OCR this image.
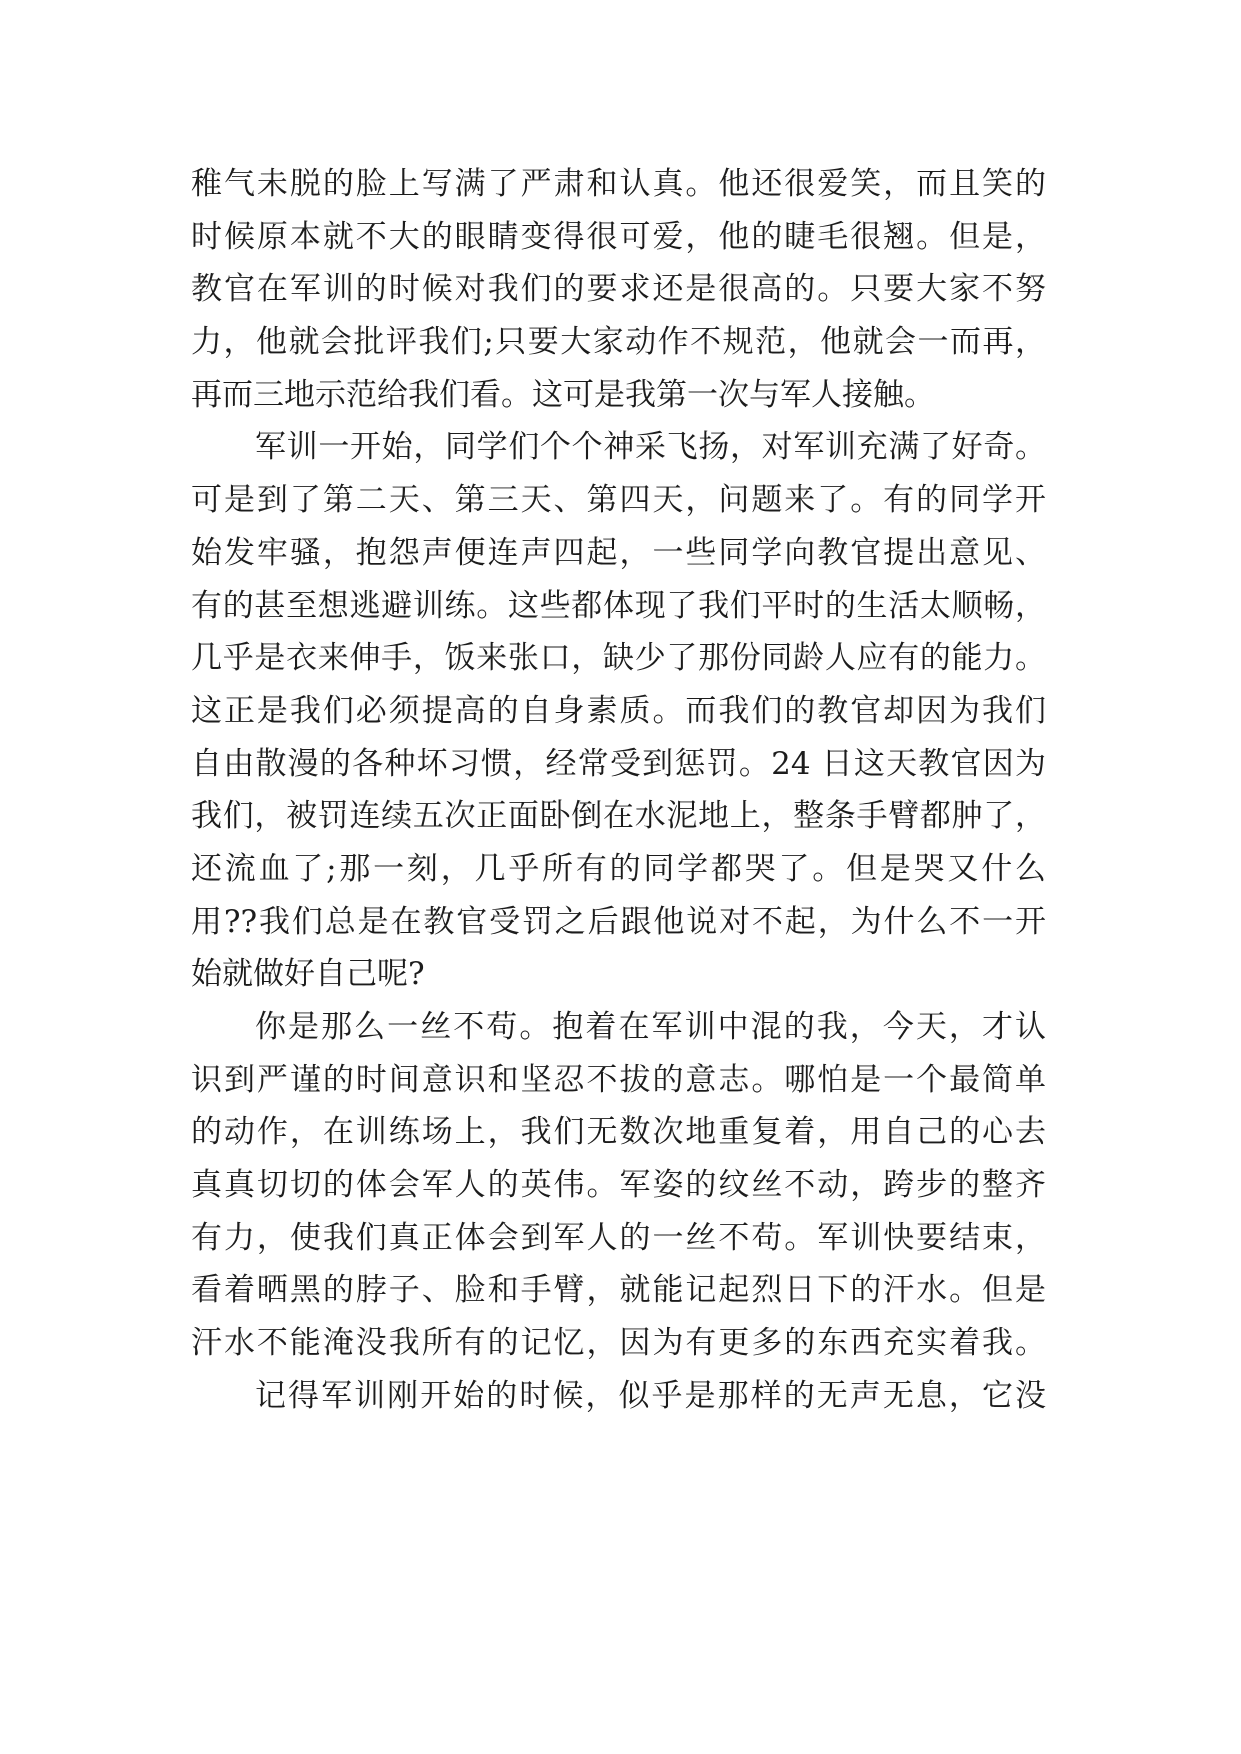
稚气未脱的脸上写满了严肃和认真。他还很爱笑，而且笑的
时候原本就不大的眼睛变得很可爱，他的睫毛很翘。但是，
教官在军训的时候对我们的要求还是很高的。只要大家不努
力，他就会批评我们;只要大家动作不规范，他就会一而再，
再而三地示范给我们看。这可是我第一次与军人接触。
军训一开始，同学们个个神采飞扬，对军训充满了好奇。
可是到了第二天、第三天、第四天，问题来了。有的同学开
始发牢骚，抱怨声便连声四起，一些同学向教官提出意见、
有的甚至想逃避训练。这些都体现了我们平时的生活太顺畅，
几乎是衣来伸手，饭来张口，缺少了那份同龄人应有的能力。
这正是我们必须提高的自身素质。而我们的教官却因为我们
自由散漫的各种坏习惯，经常受到惩罚。24 日这天教官因为
我们，被罚连续五次正面卧倒在水泥地上，整条手臂都肿了，
还流血了;那一刻，几乎所有的同学都哭了。但是哭又什么
用??我们总是在教官受罚之后跟他说对不起，为什么不一开
始就做好自己呢?
你是那么一丝不苟。抱着在军训中混的我，今天，才认
识到严谨的时间意识和坚忍不拔的意志。哪怕是一个最简单
的动作，在训练场上，我们无数次地重复着，用自己的心去
真真切切的体会军人的英伟。军姿的纹丝不动，跨步的整齐
有力，使我们真正体会到军人的一丝不苟。军训快要结束，
看着晒黑的脖子、脸和手臂，就能记起烈日下的汗水。但是
汗水不能淹没我所有的记忆，因为有更多的东西充实着我。
记得军训刚开始的时候，似乎是那样的无声无息，它没
